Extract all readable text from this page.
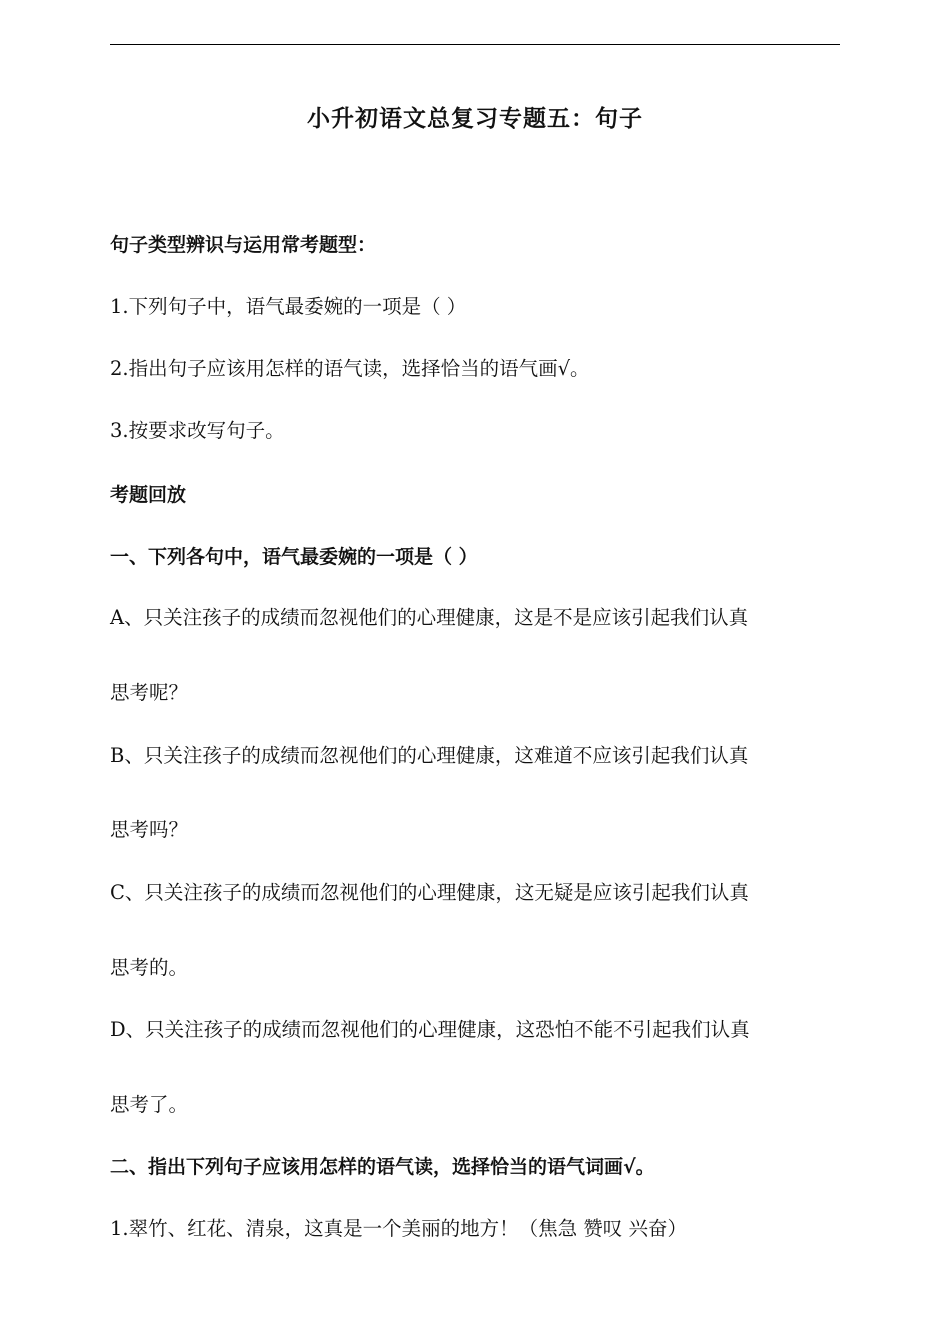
小升初语文总复习专题五：句子
句子类型辨识与运用常考题型：
1.下列句子中，语气最委婉的一项是（ ）
2.指出句子应该用怎样的语气读，选择恰当的语气画√。
3.按要求改写句子。
考题回放
一、下列各句中，语气最委婉的一项是（ ）
A、只关注孩子的成绩而忽视他们的心理健康，这是不是应该引起我们认真
思考呢？
B、只关注孩子的成绩而忽视他们的心理健康，这难道不应该引起我们认真
思考吗？
C、只关注孩子的成绩而忽视他们的心理健康，这无疑是应该引起我们认真
思考的。
D、只关注孩子的成绩而忽视他们的心理健康，这恐怕不能不引起我们认真
思考了。
二、指出下列句子应该用怎样的语气读，选择恰当的语气词画√。
1.翠竹、红花、清泉，这真是一个美丽的地方！（焦急 赞叹 兴奋）
